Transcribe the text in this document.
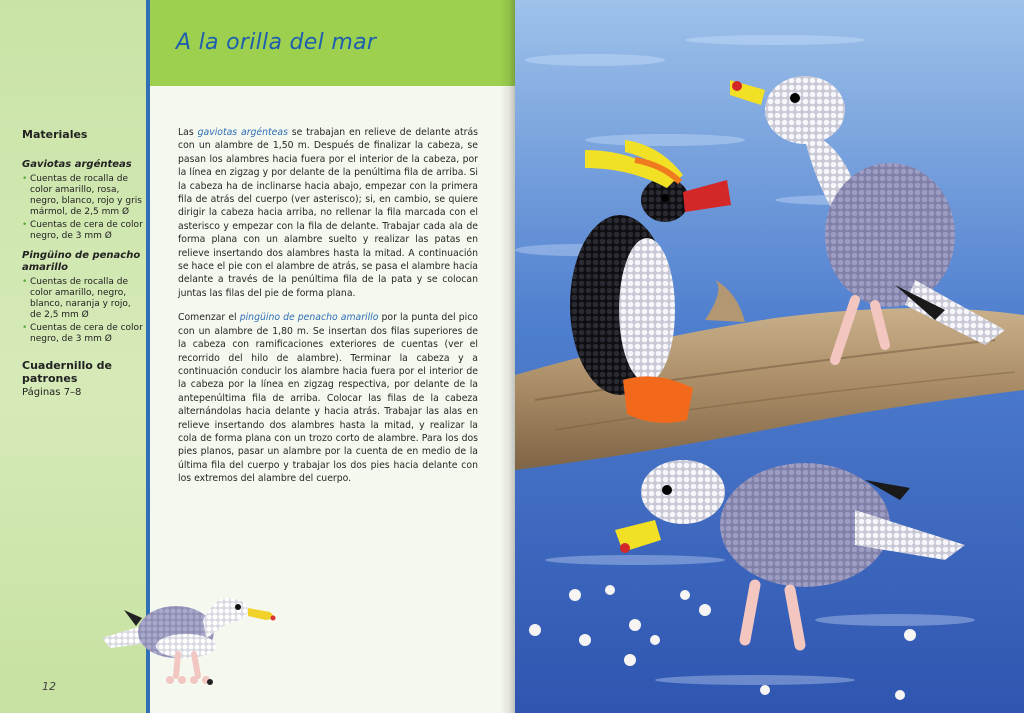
A la orilla del mar

Materiales

Gaviotas argénteas

• Cuentas de rocalla de color amarillo, rosa, negro, blanco, rojo y gris mármol, de 2,5 mm Ø
• Cuentas de cera de color negro, de 3 mm Ø

Pingüino de penacho amarillo

• Cuentas de rocalla de color amarillo, negro, blanco, naranja y rojo, de 2,5 mm Ø
• Cuentas de cera de color negro, de 3 mm Ø

Cuadernillo de patrones

Páginas 7–8

Las gaviotas argénteas se trabajan en relieve de delante atrás con un alambre de 1,50 m. Después de finalizar la cabeza, se pasan los alambres hacia fuera por el interior de la cabeza, por la línea en zigzag y por delante de la penúltima fila de arriba. Si la cabeza ha de inclinarse hacia abajo, empezar con la primera fila de atrás del cuerpo (ver asterisco); si, en cambio, se quiere dirigir la cabeza hacia arriba, no rellenar la fila marcada con el asterisco y empezar con la fila de delante. Trabajar cada ala de forma plana con un alambre suelto y realizar las patas en relieve insertando dos alambres hasta la mitad. A continuación se hace el pie con el alambre de atrás, se pasa el alambre hacia delante a través de la penúltima fila de la pata y se colocan juntas las filas del pie de forma plana.

Comenzar el pingüino de penacho amarillo por la punta del pico con un alambre de 1,80 m. Se insertan dos filas superiores de la cabeza con ramificaciones exteriores de cuentas (ver el recorrido del hilo de alambre). Terminar la cabeza y a continuación conducir los alambre hacia fuera por el interior de la cabeza por la línea en zigzag respectiva, por delante de la antepenúltima fila de arriba. Colocar las filas de la cabeza alternándolas hacia delante y hacia atrás. Trabajar las alas en relieve insertando dos alambres hasta la mitad, y realizar la cola de forma plana con un trozo corto de alambre. Para los dos pies planos, pasar un alambre por la cuenta de en medio de la última fila del cuerpo y trabajar los dos pies hacia delante con los extremos del alambre del cuerpo.

12
